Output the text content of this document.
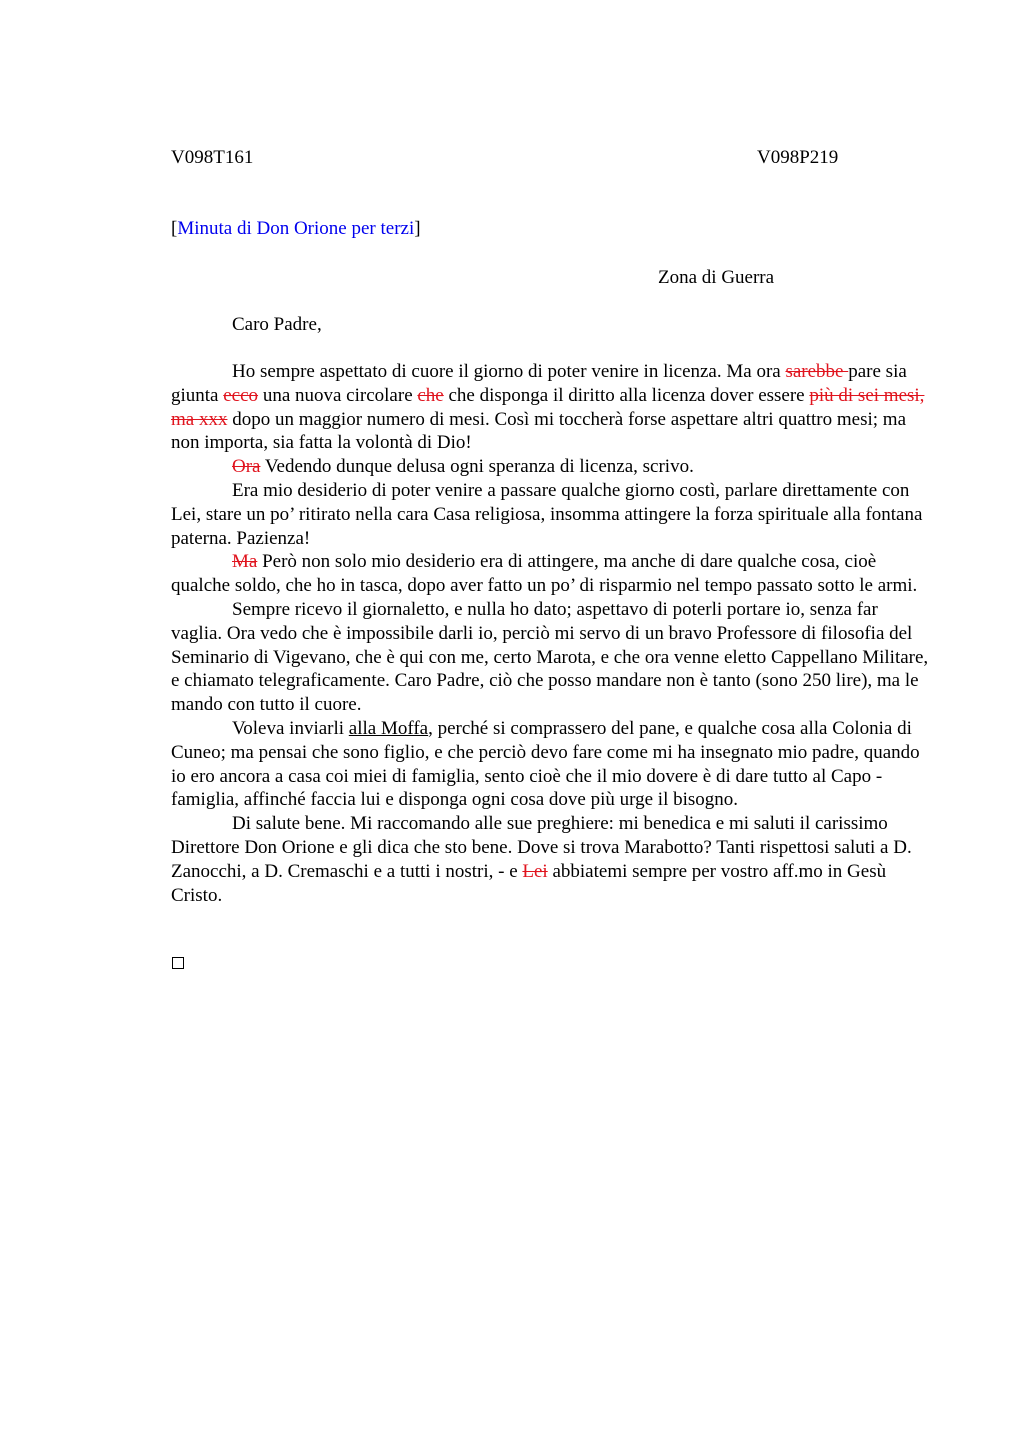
V098T161	V098P219
[Minuta di Don Orione per terzi]
Zona di Guerra
Caro Padre,

Ho sempre aspettato di cuore il giorno di poter venire in licenza. Ma ora sarebbe pare sia giunta ecco una nuova circolare che che disponga il diritto alla licenza dover essere più di sei mesi, ma xxx dopo un maggior numero di mesi. Così mi toccherà forse aspettare altri quattro mesi; ma non importa, sia fatta la volontà di Dio!

Ora Vedendo dunque delusa ogni speranza di licenza, scrivo.

Era mio desiderio di poter venire a passare qualche giorno costì, parlare direttamente con Lei, stare un po’ ritirato nella cara Casa religiosa, insomma attingere la forza spirituale alla fontana paterna. Pazienza!

Ma Però non solo mio desiderio era di attingere, ma anche di dare qualche cosa, cioè qualche soldo, che ho in tasca, dopo aver fatto un po’ di risparmio nel tempo passato sotto le armi.

Sempre ricevo il giornaletto, e nulla ho dato; aspettavo di poterli portare io, senza far vaglia. Ora vedo che è impossibile darli io, perciò mi servo di un bravo Professore di filosofia del Seminario di Vigevano, che è qui con me, certo Marota, e che ora venne eletto Cappellano Militare, e chiamato telegraficamente. Caro Padre, ciò che posso mandare non è tanto (sono 250 lire), ma le mando con tutto il cuore.

Voleva inviarli alla Moffa, perché si comprassero del pane, e qualche cosa alla Colonia di Cuneo; ma pensai che sono figlio, e che perciò devo fare come mi ha insegnato mio padre, quando io ero ancora a casa coi miei di famiglia, sento cioè che il mio dovere è di dare tutto al Capo - famiglia, affinché faccia lui e disponga ogni cosa dove più urge il bisogno.

Di salute bene. Mi raccomando alle sue preghiere: mi benedica e mi saluti il carissimo Direttore Don Orione e gli dica che sto bene. Dove si trova Marabotto? Tanti rispettosi saluti a D. Zanocchi, a D. Cremaschi e a tutti i nostri, - e Lei abbiatemi sempre per vostro aff.mo in Gesù Cristo.
